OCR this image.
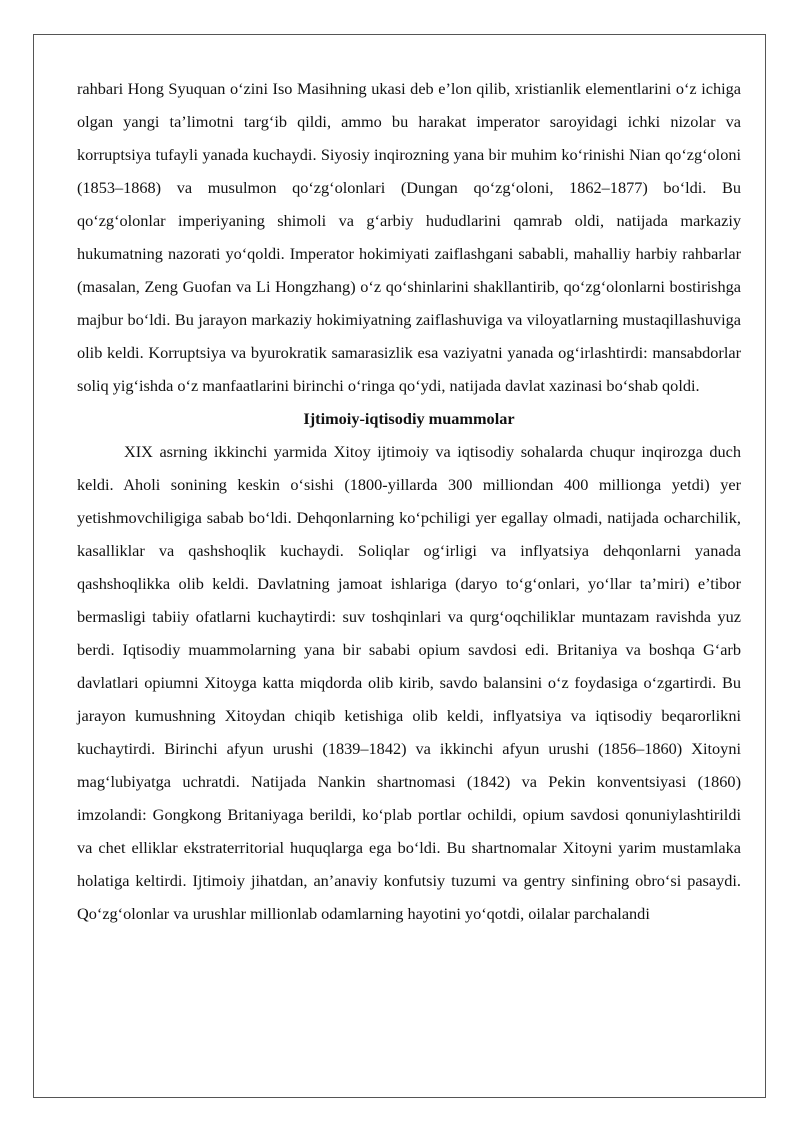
rahbari Hong Syuquan o‘zini Iso Masihning ukasi deb e’lon qilib, xristianlik elementlarini o‘z ichiga olgan yangi ta’limotni targ‘ib qildi, ammo bu harakat imperator saroyidagi ichki nizolar va korruptsiya tufayli yanada kuchaydi. Siyosiy inqirozning yana bir muhim ko‘rinishi Nian qo‘zg‘oloni (1853–1868) va musulmon qo‘zg‘olonlari (Dungan qo‘zg‘oloni, 1862–1877) bo‘ldi. Bu qo‘zg‘olonlar imperiyaning shimoli va g‘arbiy hududlarini qamrab oldi, natijada markaziy hukumatning nazorati yo‘qoldi. Imperator hokimiyati zaiflashgani sababli, mahalliy harbiy rahbarlar (masalan, Zeng Guofan va Li Hongzhang) o‘z qo‘shinlarini shakllantirib, qo‘zg‘olonlarni bostirishga majbur bo‘ldi. Bu jarayon markaziy hokimiyatning zaiflashuviga va viloyatlarning mustaqillashuviga olib keldi. Korruptsiya va byurokratik samarasizlik esa vaziyatni yanada og‘irlashtirdi: mansabdorlar soliq yig‘ishda o‘z manfaatlarini birinchi o‘ringa qo‘ydi, natijada davlat xazinasi bo‘shab qoldi.

Ijtimoiy-iqtisodiy muammolar

XIX asrning ikkinchi yarmida Xitoy ijtimoiy va iqtisodiy sohalarda chuqur inqirozga duch keldi. Aholi sonining keskin o‘sishi (1800-yillarda 300 milliondan 400 millionga yetdi) yer yetishmovchiligiga sabab bo‘ldi. Dehqonlarning ko‘pchiligi yer egallay olmadi, natijada ocharchilik, kasalliklar va qashshoqlik kuchaydi. Soliqlar og‘irligi va inflyatsiya dehqonlarni yanada qashshoqlikka olib keldi. Davlatning jamoat ishlariga (daryo to‘g‘onlari, yo‘llar ta’miri) e’tibor bermasligi tabiiy ofatlarni kuchaytirdi: suv toshqinlari va qurg‘oqchiliklar muntazam ravishda yuz berdi. Iqtisodiy muammolarning yana bir sababi opium savdosi edi. Britaniya va boshqa G‘arb davlatlari opiumni Xitoyga katta miqdorda olib kirib, savdo balansini o‘z foydasiga o‘zgartirdi. Bu jarayon kumushning Xitoydan chiqib ketishiga olib keldi, inflyatsiya va iqtisodiy beqarorlikni kuchaytirdi. Birinchi afyun urushi (1839–1842) va ikkinchi afyun urushi (1856–1860) Xitoyni mag‘lubiyatga uchratdi. Natijada Nankin shartnomasi (1842) va Pekin konventsiyasi (1860) imzolandi: Gongkong Britaniyaga berildi, ko‘plab portlar ochildi, opium savdosi qonuniylashtirildi va chet elliklar ekstraterritorial huquqlarga ega bo‘ldi. Bu shartnomalar Xitoyni yarim mustamlaka holatiga keltirdi. Ijtimoiy jihatdan, an’anaviy konfutsiy tuzumi va gentry sinfining obro‘si pasaydi. Qo‘zg‘olonlar va urushlar millionlab odamlarning hayotini yo‘qotdi, oilalar parchalandi
